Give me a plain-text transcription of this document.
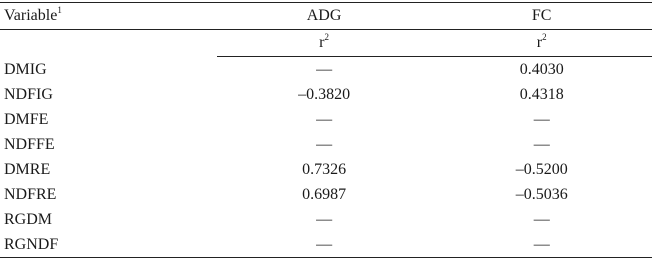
Variable$^1$	ADG	FC
	$r^2$	$r^2$
DMIG	—	0.4030
NDFIG	–0.3820	0.4318
DMFE	—	—
NDFFE	—	—
DMRE	0.7326	–0.5200
NDFRE	0.6987	–0.5036
RGDM	—	—
RGNDF	—	—
